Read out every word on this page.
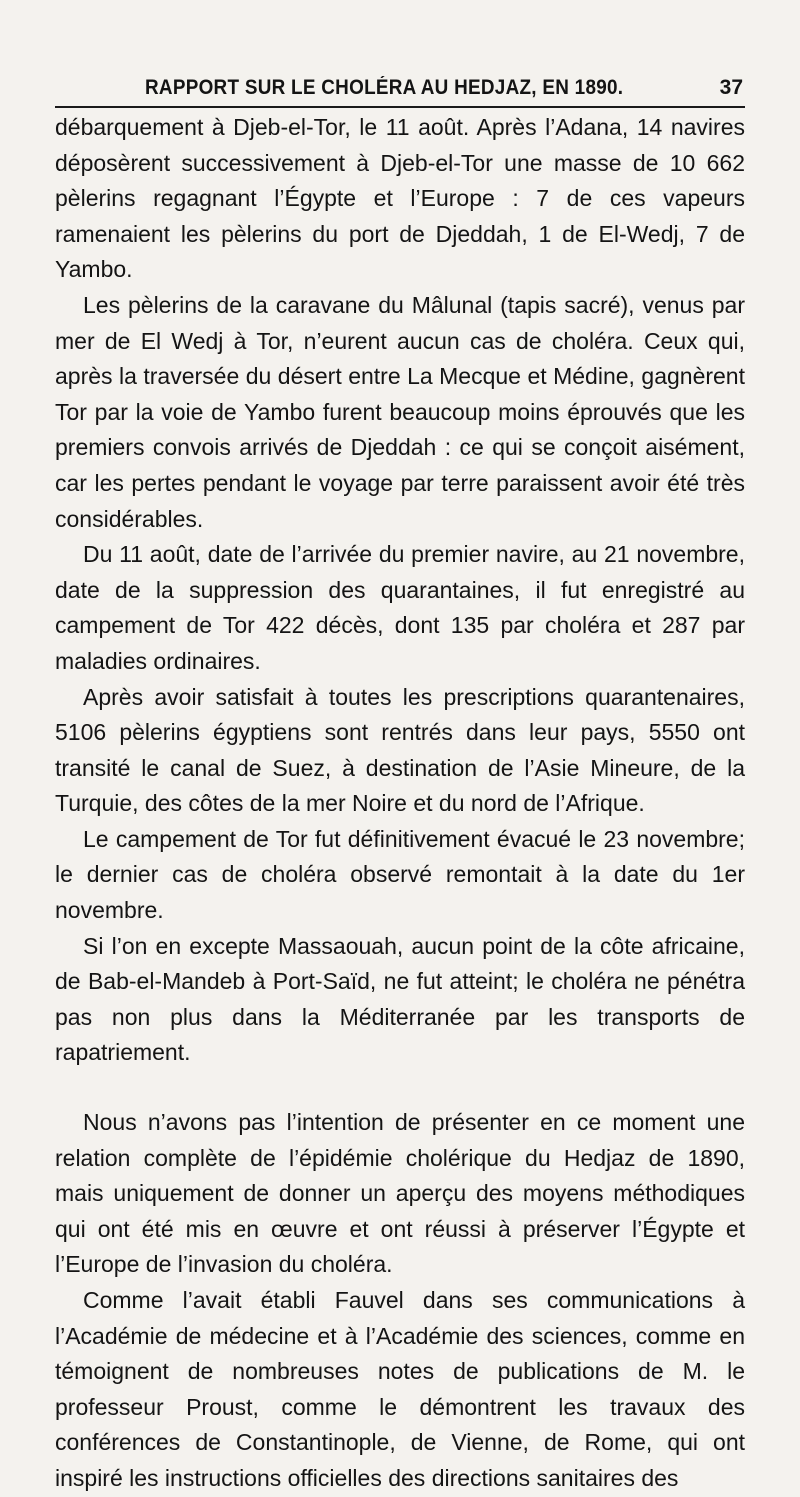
RAPPORT SUR LE CHOLÉRA AU HEDJAZ, EN 1890.	37

débarquement à Djeb-el-Tor, le 11 août. Après l’Adana, 14 navires déposèrent successivement à Djeb-el-Tor une masse de 10 662 pèlerins regagnant l’Égypte et l’Europe : 7 de ces vapeurs ramenaient les pèlerins du port de Djeddah, 1 de El-Wedj, 7 de Yambo.

Les pèlerins de la caravane du Mâlunal (tapis sacré), venus par mer de El Wedj à Tor, n’eurent aucun cas de choléra. Ceux qui, après la traversée du désert entre La Mecque et Médine, gagnèrent Tor par la voie de Yambo furent beaucoup moins éprouvés que les premiers convois arrivés de Djeddah : ce qui se conçoit aisément, car les pertes pendant le voyage par terre paraissent avoir été très considérables.

Du 11 août, date de l’arrivée du premier navire, au 21 novembre, date de la suppression des quarantaines, il fut enregistré au campement de Tor 422 décès, dont 135 par choléra et 287 par maladies ordinaires.

Après avoir satisfait à toutes les prescriptions quarantenaires, 5106 pèlerins égyptiens sont rentrés dans leur pays, 5550 ont transité le canal de Suez, à destination de l’Asie Mineure, de la Turquie, des côtes de la mer Noire et du nord de l’Afrique.

Le campement de Tor fut définitivement évacué le 23 novembre; le dernier cas de choléra observé remontait à la date du 1er novembre.

Si l’on en excepte Massaouah, aucun point de la côte africaine, de Bab-el-Mandeb à Port-Saïd, ne fut atteint; le choléra ne pénétra pas non plus dans la Méditerranée par les transports de rapatriement.

Nous n’avons pas l’intention de présenter en ce moment une relation complète de l’épidémie cholérique du Hedjaz de 1890, mais uniquement de donner un aperçu des moyens méthodiques qui ont été mis en œuvre et ont réussi à préserver l’Égypte et l’Europe de l’invasion du choléra.

Comme l’avait établi Fauvel dans ses communications à l’Académie de médecine et à l’Académie des sciences, comme en témoignent de nombreuses notes de publications de M. le professeur Proust, comme le démontrent les travaux des conférences de Constantinople, de Vienne, de Rome, qui ont inspiré les instructions officielles des directions sanitaires des
